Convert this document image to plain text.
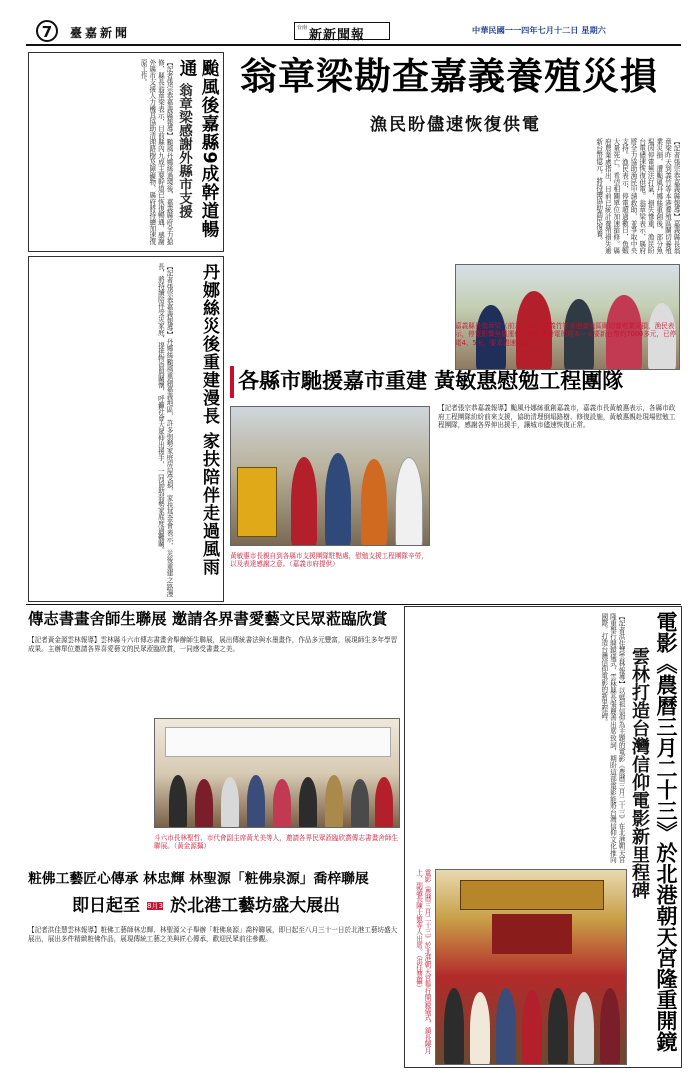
7	臺嘉新聞	台南 新新聞報	中華民國一一四年七月十二日 星期六
颱風後嘉縣9成幹道暢通
翁章梁感謝外縣市支援
【記者張宗恭嘉義縣報導】颱風丹娜絲過境後，嘉義縣府全力搶修，縣長翁章梁表示，目前縣內九成主要幹道已恢復暢通，感謝外縣市支援人力機具協助清理路樹及障礙物，縣府將持續加速復原工作。
丹娜絲災後重建漫長 家扶陪伴走過風雨
【記者張宗恭嘉義報導】丹娜絲颱風重創嘉義地區，許多弱勢家庭房屋受損，家扶基金會表示，災後重建之路漫長，將持續陪伴受災家庭，提供物資與關懷，呼籲社會大眾伸出援手，一同協助弱勢家庭度過難關。
翁章梁勘查嘉義養殖災損
漁民盼儘速恢復供電
【記者張宗恭嘉義縣報導】嘉義縣長翁章梁昨天到義竹等本港養殖區關切養殖業災損，遭颱風丹娜絲重創後，部分魚塭因停電無法打氣，損失慘重，漁民盼台電儘速恢復供電。翁章梁表示，縣府將全力協助漁民申請救助，並爭取中央支持。漁民表示，停電超過數日，魚蝦大量死亡，希望相關單位加速搶修。縣府農業處指出，目前已統計養殖損失逾新台幣億元，將持續協助漁民復養。
嘉義縣長翁章梁（前左）11日到義竹等本港養殖區關切養殖業災損，漁民表示，停電影響魚塭運作，發電機發電的成本一天要新台幣約7000多元，已停電4、5天，要求盡速復電。
各縣市馳援嘉市重建 黃敏惠慰勉工程團隊
黃敏惠市長親自到各縣市支援團隊駐點處，慰勉支援工程團隊辛勞，以及表達感謝之意。（嘉義市府提供）
【記者張宗恭嘉義報導】颱風丹娜絲重創嘉義市，嘉義市長黃敏惠表示，各縣市政府工程團隊紛紛前來支援，協助清理倒塌路樹、修復設施，黃敏惠親赴現場慰勉工程團隊，感謝各界伸出援手，讓城市儘速恢復正常。
傳志書畫舍師生聯展 邀請各界書愛藝文民眾蒞臨欣賞
【記者黃金源雲林報導】雲林縣斗六市傳志書畫舍舉辦師生聯展，展出傳統書法與水墨畫作，作品多元豐富，展現師生多年學習成果。主辦單位邀請各界喜愛藝文的民眾蒞臨欣賞，一同感受書畫之美。
斗六市長林聖哲、市代會副主席黃尤美等人，邀請各界民眾蒞臨欣賞傳志書畫舍師生聯展。（黃金源攝）
粧佛工藝匠心傳承 林忠輝 林聖源「粧佛泉源」喬梓聯展
即日起至 8月31 於北港工藝坊盛大展出
【記者洪佳慧雲林報導】粧佛工藝師林忠輝、林聖源父子舉辦「粧佛泉源」喬梓聯展，即日起至八月三十一日於北港工藝坊盛大展出，展出多件精緻粧佛作品，展現傳統工藝之美與匠心傳承，歡迎民眾前往參觀。	電影《農曆三月二十三》於北港朝天宮隆重開鏡
雲林打造台灣信仰電影新里程碑
【記者洪佳慧雲林報導】以媽祖信仰為主題的電影《農曆三月二十三》在北港朝天宮隆重舉行開鏡儀式，雲林縣長張麗善出席致詞，期盼這部電影能將台灣信仰文化推向國際，打造台灣信仰電影的新里程碑。
電影《農曆三月二十三》於北港朝天宮舉行開鏡儀式，鎮長陳月上、副議長陳士敏等人出席。（洪佳慧攝）
